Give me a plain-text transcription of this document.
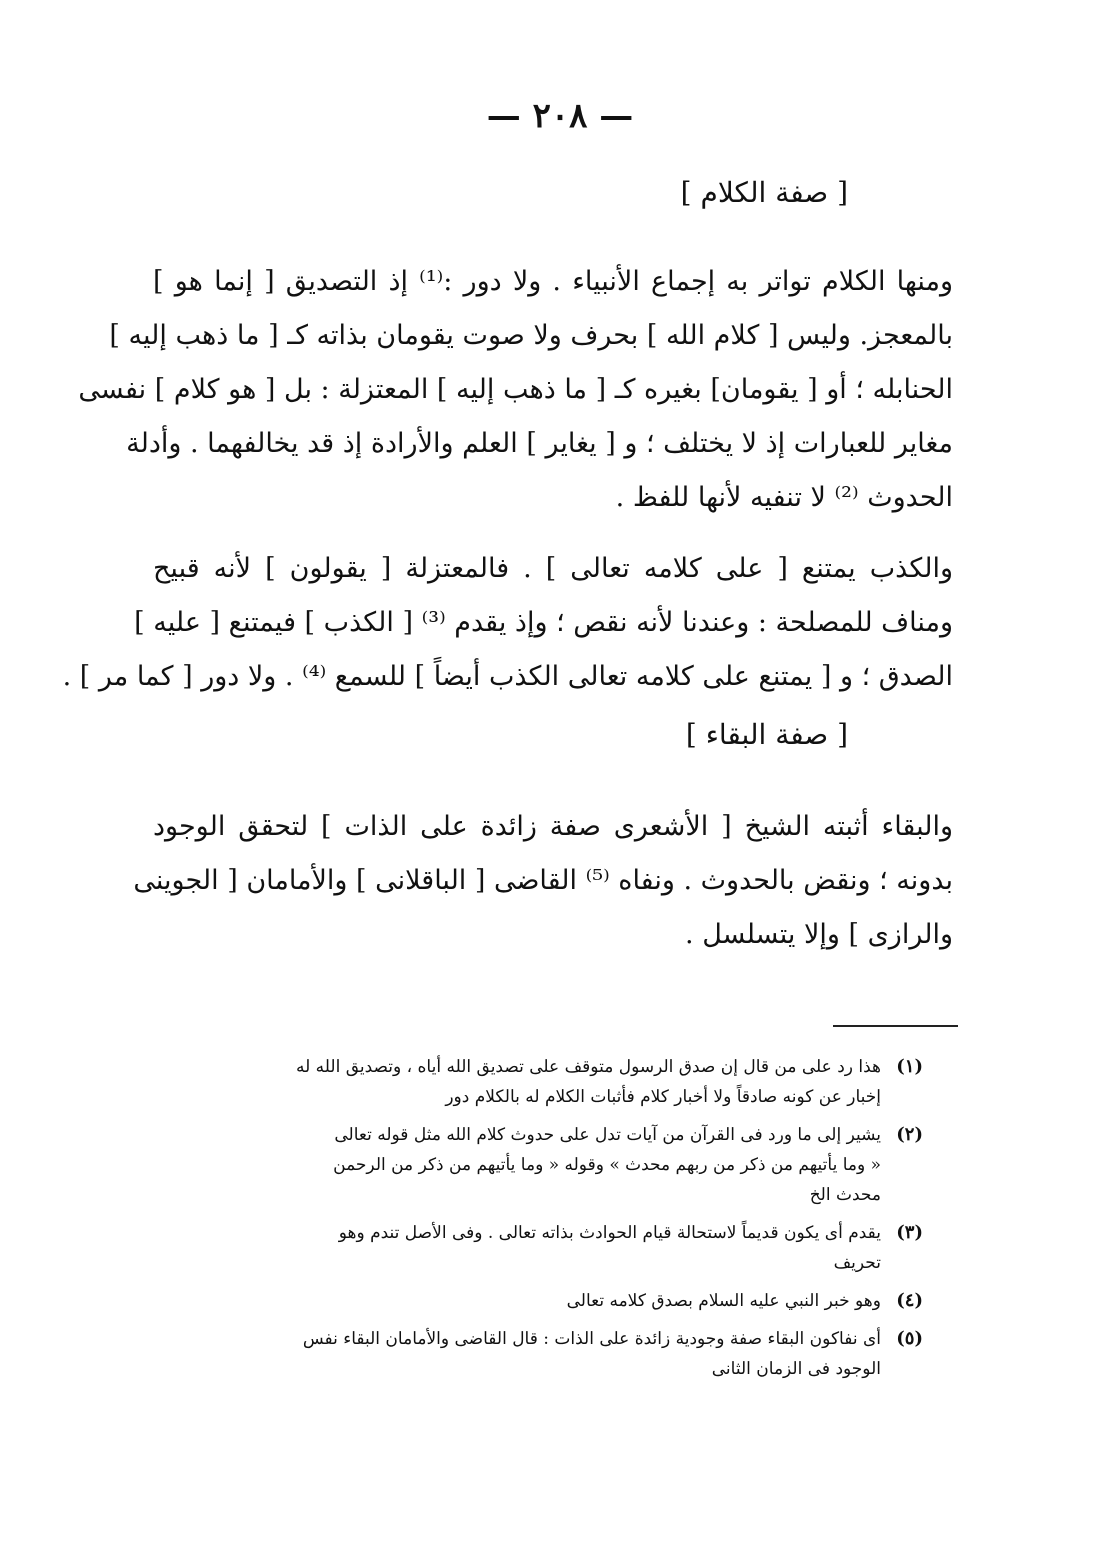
— ٢٠٨ —
[ صفة الكلام ]
ومنها الكلام تواتر به إجماع الأنبياء . ولا دور :⁽¹⁾ إذ التصديق [ إنما هو ]
بالمعجز. وليس [ كلام الله ] بحرف ولا صوت يقومان بذاته كـ [ ما ذهب إليه ]
الحنابله ؛ أو [ يقومان] بغيره كـ [ ما ذهب إليه ] المعتزلة : بل [ هو كلام ] نفسى
مغاير للعبارات إذ لا يختلف ؛ و [ يغاير ] العلم والأرادة إذ قد يخالفهما . وأدلة
الحدوث ⁽²⁾ لا تنفيه لأنها للفظ .
والكذب يمتنع [ على كلامه تعالى ] . فالمعتزلة [ يقولون ] لأنه قبيح
ومناف للمصلحة : وعندنا لأنه نقص ؛ وإذ يقدم ⁽³⁾ [ الكذب ] فيمتنع [ عليه ]
الصدق ؛ و [ يمتنع على كلامه تعالى الكذب أيضاً ] للسمع ⁽⁴⁾ . ولا دور [ كما مر ] .
[ صفة البقاء ]
والبقاء أثبته الشيخ [ الأشعرى صفة زائدة على الذات ] لتحقق الوجود
بدونه ؛ ونقض بالحدوث . ونفاه ⁽⁵⁾ القاضى [ الباقلانى ] والأمامان [ الجوينى
والرازى ] وإلا يتسلسل .
(١)
هذا رد على من قال إن صدق الرسول متوقف على تصديق الله أياه ، وتصديق الله له
إخبار عن كونه صادقاً ولا أخبار كلام فأثبات الكلام له بالكلام دور
(٢)
يشير إلى ما ورد فى القرآن من آيات تدل على حدوث كلام الله مثل قوله تعالى
« وما يأتيهم من ذكر من ربهم محدث » وقوله « وما يأتيهم من ذكر من الرحمن
محدث الخ
(٣)
يقدم أى يكون قديماً لاستحالة قيام الحوادث بذاته تعالى . وفى الأصل تندم وهو
تحريف
(٤)
وهو خبر النبي عليه السلام بصدق كلامه تعالى
(٥)
أى نفاكون البقاء صفة وجودية زائدة على الذات : قال القاضى والأمامان البقاء نفس
الوجود فى الزمان الثانى
